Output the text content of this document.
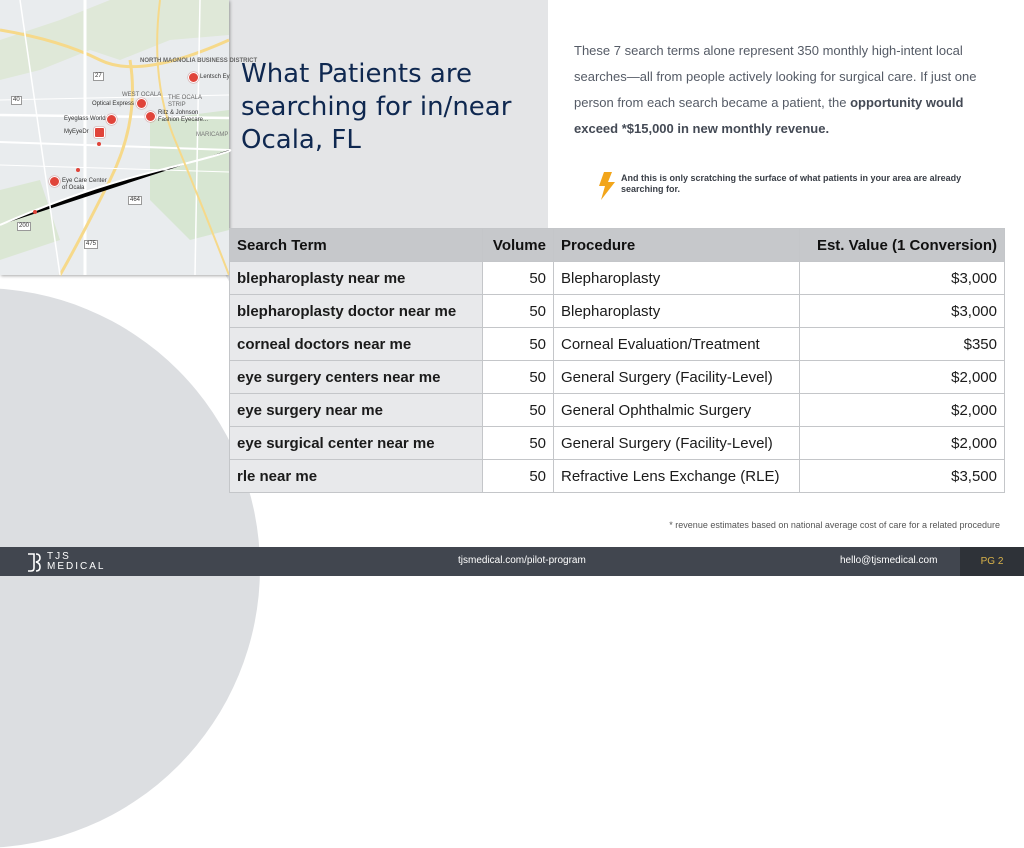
NORTH MAGNOLIA BUSINESS DISTRICT
Lentsch Ey
WEST OCALA
Optical Express
THE OCALA STRIP
Ritz & Johnson Fashion Eyecare...
Eyeglass World
MyEyeDr	MARICAMP
Eye Care Center of Ocala
27
40
200
464
475
What Patients are searching for in/near Ocala, FL
These 7 search terms alone represent 350 monthly high-intent local searches—all from people actively looking for surgical care. If just one person from each search became a patient, the opportunity would exceed *$15,000 in new monthly revenue.
And this is only scratching the surface of what patients in your area are already searching for.
Search Term	Volume	Procedure	Est. Value (1 Conversion)
blepharoplasty near me	50	Blepharoplasty	$3,000
blepharoplasty doctor near me	50	Blepharoplasty	$3,000
corneal doctors near me	50	Corneal Evaluation/Treatment	$350
eye surgery centers near me	50	General Surgery (Facility-Level)	$2,000
eye surgery near me	50	General Ophthalmic Surgery	$2,000
eye surgical center near me	50	General Surgery (Facility-Level)	$2,000
rle near me	50	Refractive Lens Exchange (RLE)	$3,500
* revenue estimates based on national average cost of care for a related procedure
TJS
MEDICAL
tjsmedical.com/pilot-program	hello@tjsmedical.com	PG 2
